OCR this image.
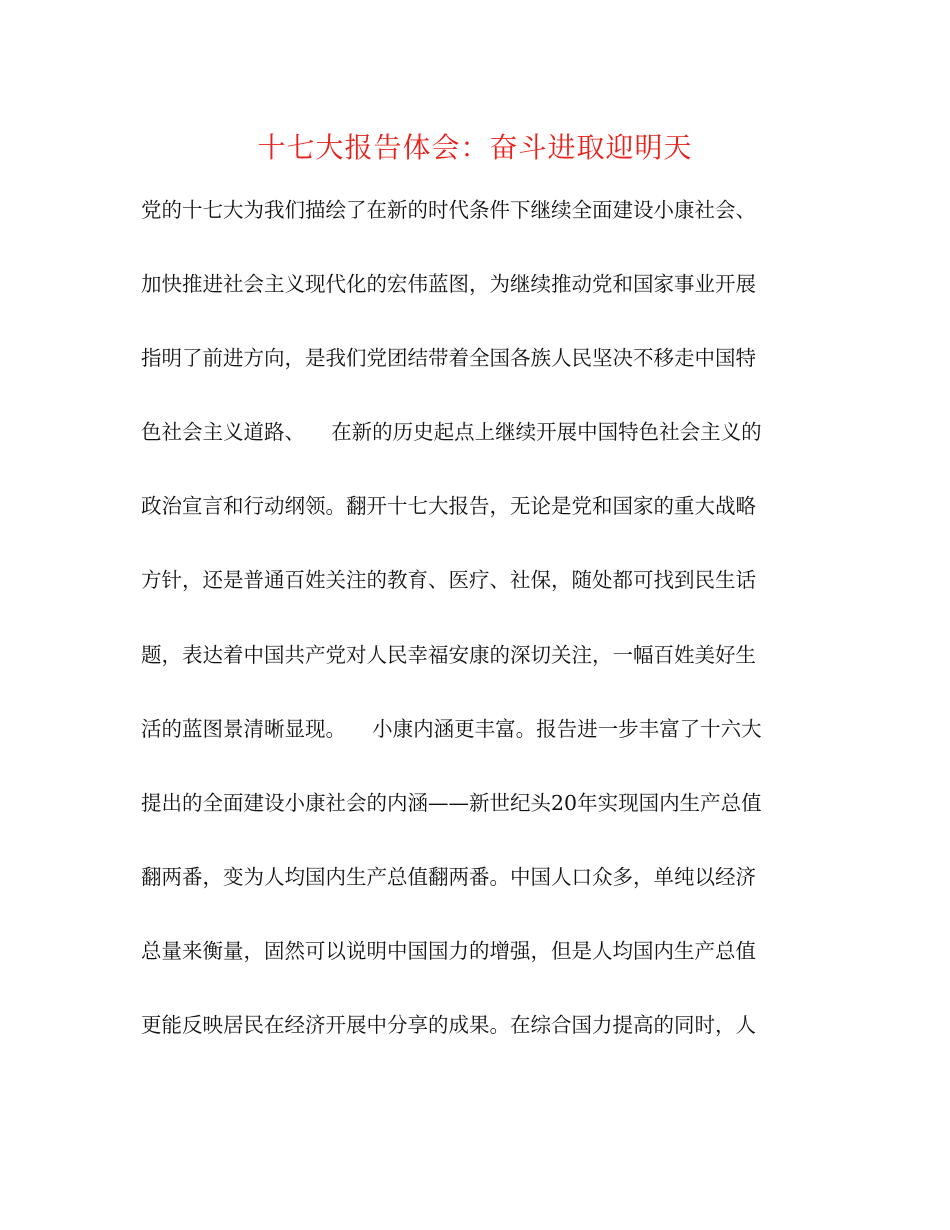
十七大报告体会：奋斗进取迎明天
党的十七大为我们描绘了在新的时代条件下继续全面建设小康社会、
加快推进社会主义现代化的宏伟蓝图，为继续推动党和国家事业开展
指明了前进方向，是我们党团结带着全国各族人民坚决不移走中国特
色社会主义道路、    在新的历史起点上继续开展中国特色社会主义的
政治宣言和行动纲领。翻开十七大报告，无论是党和国家的重大战略
方针，还是普通百姓关注的教育、医疗、社保，随处都可找到民生话
题，表达着中国共产党对人民幸福安康的深切关注，一幅百姓美好生
活的蓝图景清晰显现。    小康内涵更丰富。报告进一步丰富了十六大
提出的全面建设小康社会的内涵——新世纪头20年实现国内生产总值
翻两番，变为人均国内生产总值翻两番。中国人口众多，单纯以经济
总量来衡量，固然可以说明中国国力的增强，但是人均国内生产总值
更能反映居民在经济开展中分享的成果。在综合国力提高的同时，人
